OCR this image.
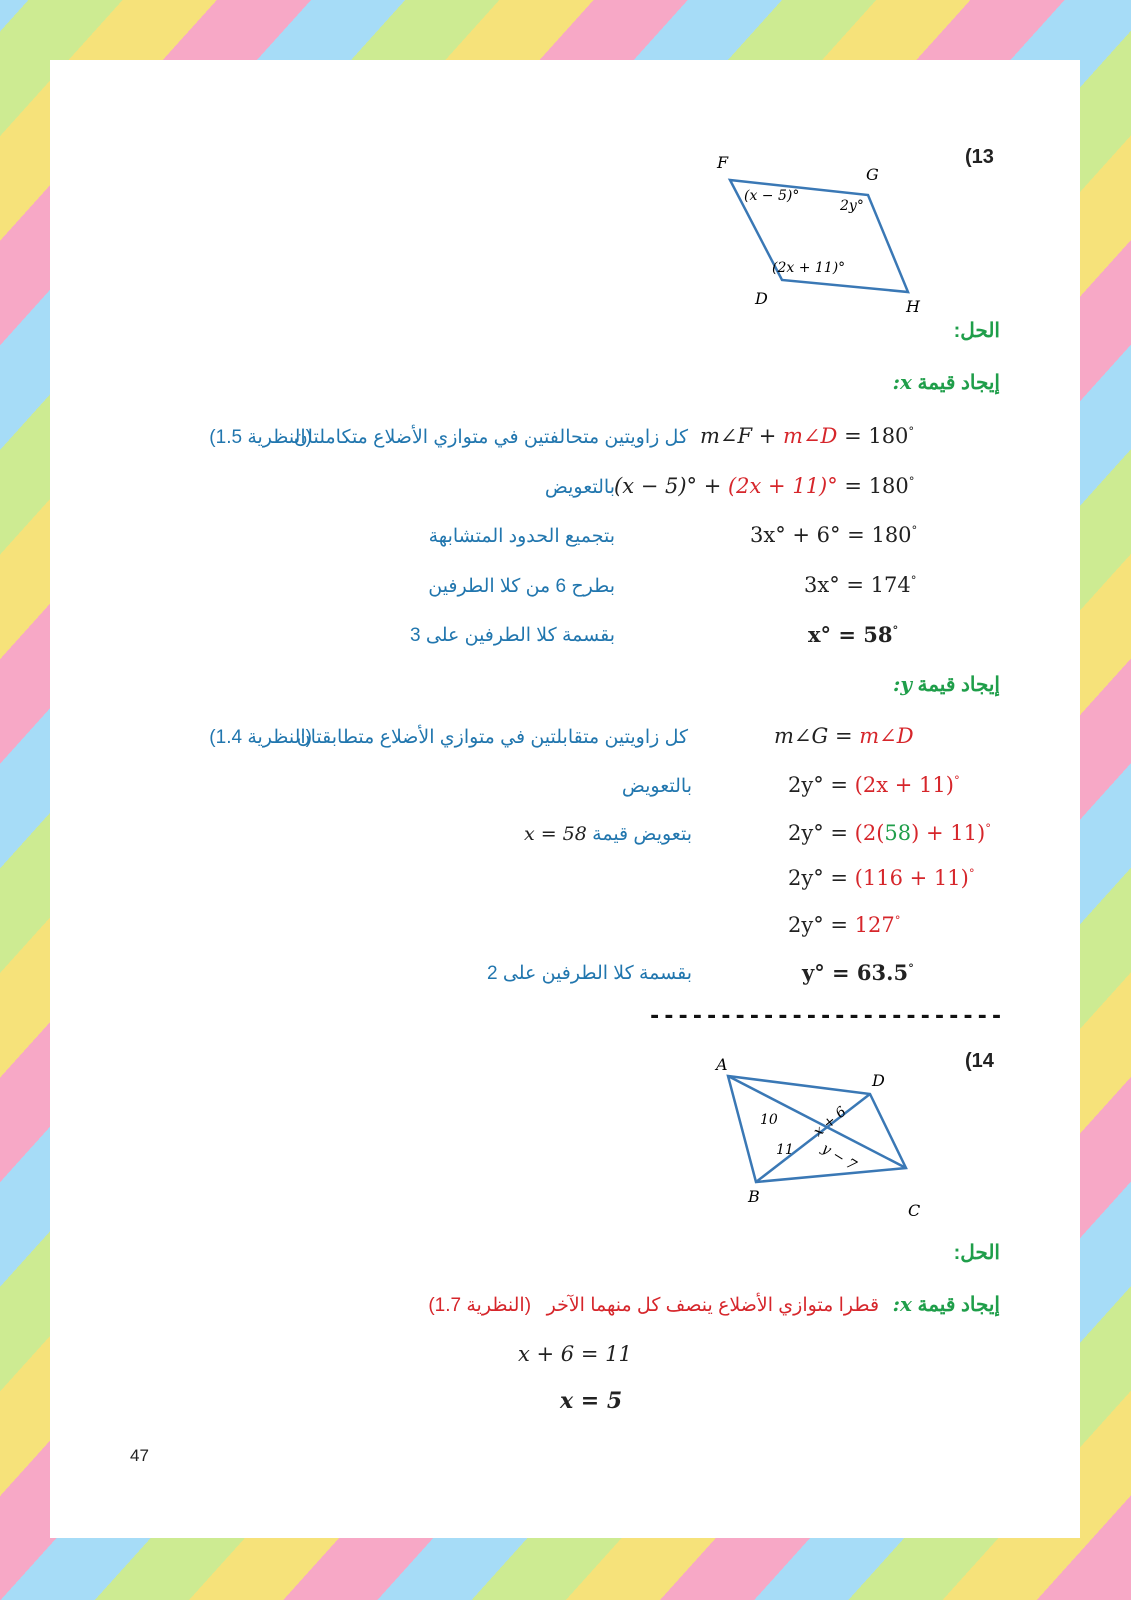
(13
F
G
D	H
(x − 5)°
2y°
(2x + 11)°
الحل:
إيجاد قيمة x:
m∠F + m∠D = 180°
كل زاويتين متحالفتين في متوازي الأضلاع متكاملتان
(النظرية 1.5)
(x − 5)° + (2x + 11)° = 180°
بالتعويض
3x° + 6° = 180°
بتجميع الحدود المتشابهة
3x° = 174°
بطرح 6 من كلا الطرفين
x° = 58°
بقسمة كلا الطرفين على 3
إيجاد قيمة y:
m∠G = m∠D
كل زاويتين متقابلتين في متوازي الأضلاع متطابقتان
(النظرية 1.4)
2y° = (2x + 11)°
بالتعويض
2y° = (2(58) + 11)°
بتعويض قيمة x = 58
2y° = (116 + 11)°
2y° = 127°
y° = 63.5°
بقسمة كلا الطرفين على 2
-------------------------
(14
A
D
B
C
10
11
x + 6
y − 7
الحل:
إيجاد قيمة x: قطرا متوازي الأضلاع ينصف كل منهما الآخر (النظرية 1.7)
x + 6 = 11
x = 5
47
